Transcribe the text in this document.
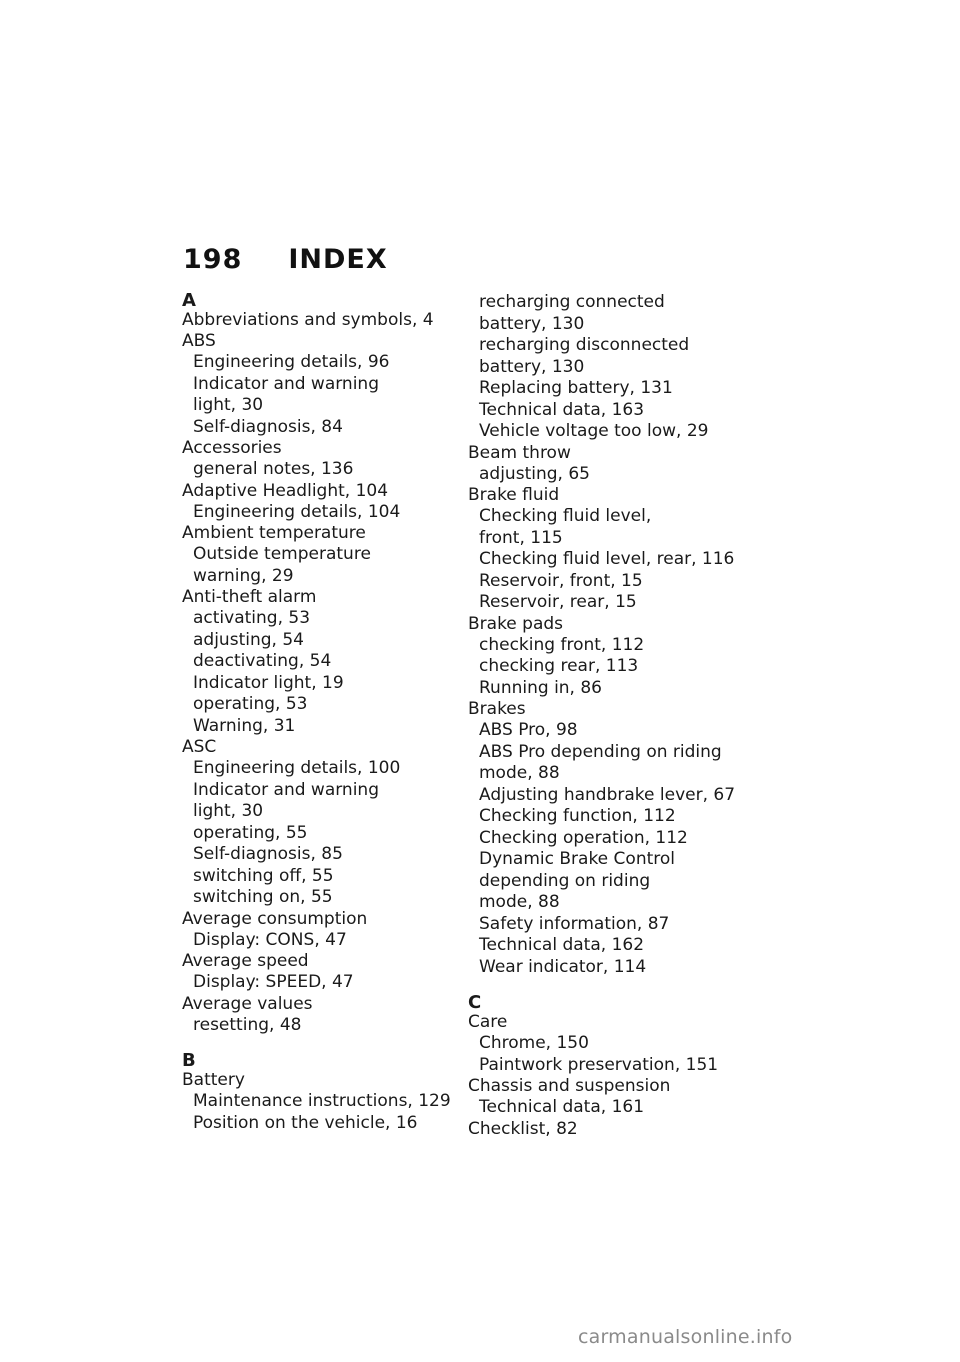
198 INDEX
A
Abbreviations and symbols, 4
ABS
Engineering details, 96
Indicator and warning
light, 30
Self-diagnosis, 84
Accessories
general notes, 136
Adaptive Headlight, 104
Engineering details, 104
Ambient temperature
Outside temperature
warning, 29
Anti-theft alarm
activating, 53
adjusting, 54
deactivating, 54
Indicator light, 19
operating, 53
Warning, 31
ASC
Engineering details, 100
Indicator and warning
light, 30
operating, 55
Self-diagnosis, 85
switching off, 55
switching on, 55
Average consumption
Display: CONS, 47
Average speed
Display: SPEED, 47
Average values
resetting, 48
B
Battery
Maintenance instructions, 129
Position on the vehicle, 16
recharging connected
battery, 130
recharging disconnected
battery, 130
Replacing battery, 131
Technical data, 163
Vehicle voltage too low, 29
Beam throw
adjusting, 65
Brake fluid
Checking fluid level,
front, 115
Checking fluid level, rear, 116
Reservoir, front, 15
Reservoir, rear, 15
Brake pads
checking front, 112
checking rear, 113
Running in, 86
Brakes
ABS Pro, 98
ABS Pro depending on riding
mode, 88
Adjusting handbrake lever, 67
Checking function, 112
Checking operation, 112
Dynamic Brake Control
depending on riding
mode, 88
Safety information, 87
Technical data, 162
Wear indicator, 114
C
Care
Chrome, 150
Paintwork preservation, 151
Chassis and suspension
Technical data, 161
Checklist, 82
carmanualsonline.info
